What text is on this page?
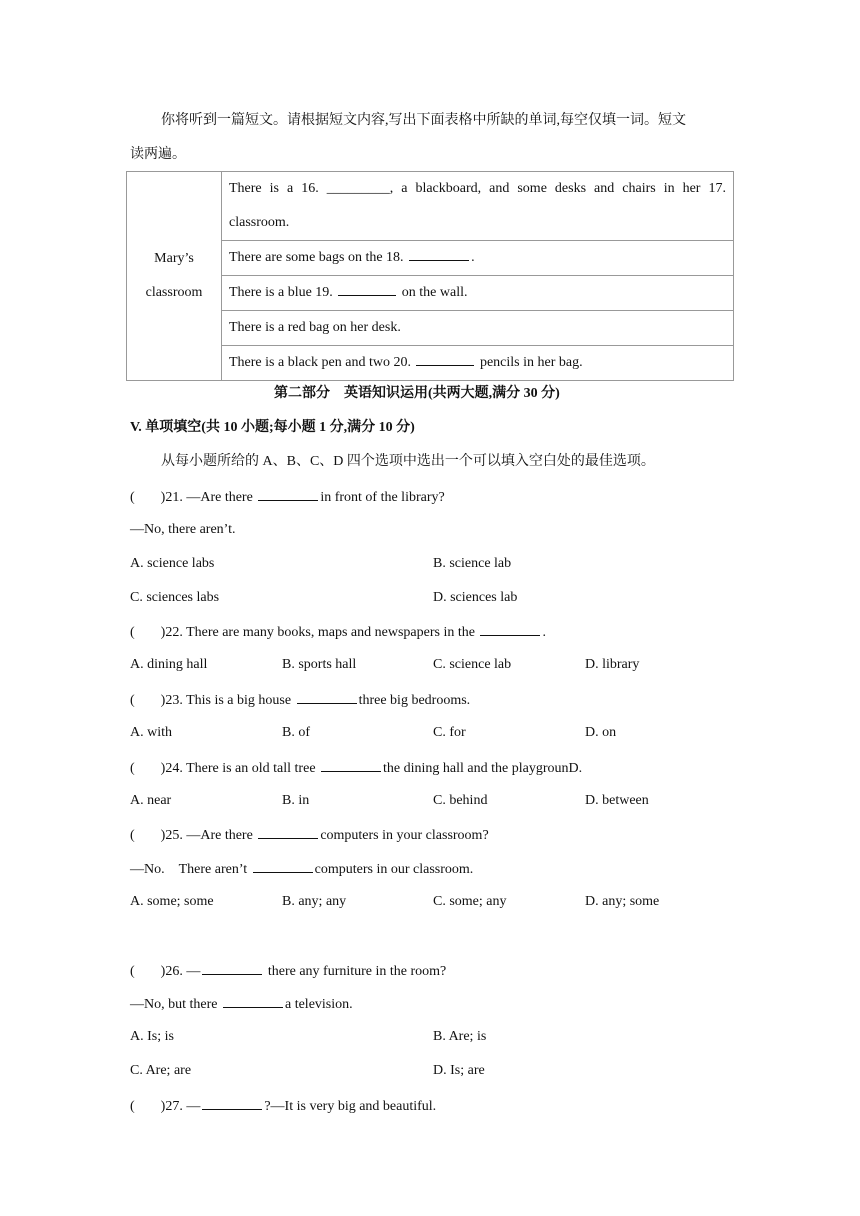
你将听到一篇短文。请根据短文内容,写出下面表格中所缺的单词,每空仅填一词。短文
读两遍。
Mary’s
classroom

There is a 16. _________, a blackboard, and some desks and chairs in her 17.
classroom.

There are some bags on the 18.	.
There is a blue 19.	on the wall.
There is a red bag on her desk.
There is a black pen and two 20.	pencils in her bag.
第二部分　英语知识运用(共两大题,满分 30 分)
V. 单项填空(共 10 小题;每小题 1 分,满分 10 分)
从每小题所给的 A、B、C、D 四个选项中选出一个可以填入空白处的最佳选项。
( )21. —Are there	in front of the library?
—No, there aren’t.
A. science labs	B. science lab
C. sciences labs	D. sciences lab
( )22. There are many books, maps and newspapers in the	.
A. dining hall	B. sports hall	C. science lab	D. library
( )23. This is a big house	three big bedrooms.
A. with	B. of	C. for	D. on
( )24. There is an old tall tree	the dining hall and the playgrounD.
A. near	B. in	C. behind	D. between
( )25. —Are there	computers in your classroom?
—No.　There aren’t	computers in our classroom.
A. some; some	B. any; any	C. some; any	D. any; some
( )26. —	there any furniture in the room?
—No, but there	a television.
A. Is; is	B. Are; is
C. Are; are	D. Is; are
( )27. —	?—It is very big and beautiful.
